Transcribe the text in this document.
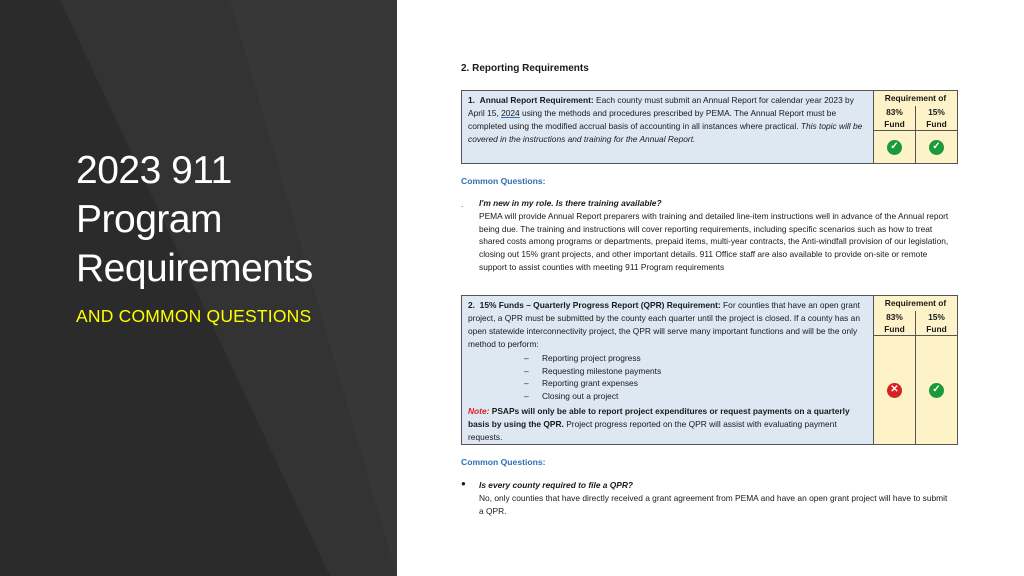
2023 911
Program
Requirements
AND COMMON QUESTIONS
2. Reporting Requirements
1. Annual Report Requirement: Each county must submit an Annual Report for calendar year 2023 by April 15, 2024 using the methods and procedures prescribed by PEMA. The Annual Report must be completed using the modified accrual basis of accounting in all instances where practical. This topic will be covered in the instructions and training for the Annual Report.
Requirement of
83%
Fund
15%
Fund
✓	✓
Common Questions:
. I'm new in my role. Is there training available?
PEMA will provide Annual Report preparers with training and detailed line-item instructions well in advance of the Annual report being due. The training and instructions will cover reporting requirements, including specific scenarios such as how to treat shared costs among programs or departments, prepaid items, multi-year contracts, the Anti-windfall provision of our legislation, closing out 15% grant projects, and other important details. 911 Office staff are also available to provide on-site or remote support to assist counties with meeting 911 Program requirements
2. 15% Funds – Quarterly Progress Report (QPR) Requirement: For counties that have an open grant project, a QPR must be submitted by the county each quarter until the project is closed. If a county has an open statewide interconnectivity project, the QPR will serve many important functions and will be the only method to perform:
– Reporting project progress
– Requesting milestone payments
– Reporting grant expenses
– Closing out a project
Note: PSAPs will only be able to report project expenditures or request payments on a quarterly basis by using the QPR. Project progress reported on the QPR will assist with evaluating payment requests.
Requirement of
83%
Fund
15%
Fund
✕	✓
Common Questions:
● Is every county required to file a QPR?
No, only counties that have directly received a grant agreement from PEMA and have an open grant project will have to submit a QPR.
